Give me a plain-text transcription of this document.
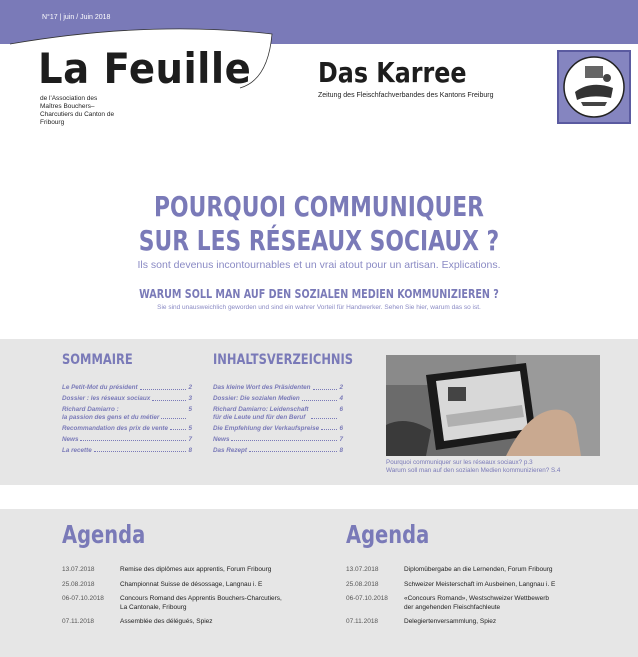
N°17 | juin / Juin 2018
La Feuille
de l'Association des Maîtres Bouchers–Charcutiers du Canton de Fribourg
Das Karree
Zeitung des Fleischfachverbandes des Kantons Freiburg
POURQUOI COMMUNIQUER
SUR LES RÉSEAUX SOCIAUX ?
Ils sont devenus incontournables et un vrai atout pour un artisan. Explications.
WARUM SOLL MAN AUF DEN SOZIALEN MEDIEN KOMMUNIZIEREN ?
Sie sind unausweichlich geworden und sind ein wahrer Vorteil für Handwerker. Sehen Sie hier, warum das so ist.
SOMMAIRE
Le Petit-Mot du président	2
Dossier : les réseaux sociaux	3
Richard Damiarro :
la passion des gens et du métier
5
Recommandation des prix de vente	5
News	7
La recette	8
INHALTSVERZEICHNIS
Das kleine Wort des Präsidenten	2
Dossier: Die sozialen Medien	4
Richard Damiarro: Leidenschaft
für die Leute und für den Beruf
6
Die Empfehlung der Verkaufspreise	6
News	7
Das Rezept	8
Pourquoi communiquer sur les réseaux sociaux? p.3
Warum soll man auf den sozialen Medien kommunizieren? S.4
Agenda
13.07.2018	Remise des diplômes aux apprentis, Forum Fribourg
25.08.2018	Championnat Suisse de désossage, Langnau i. E
06-07.10.2018	Concours Romand des Apprentis Bouchers-Charcutiers,
La Cantonale, Fribourg
07.11.2018	Assemblée des délégués, Spiez
Agenda
13.07.2018	Diplomübergabe an die Lernenden, Forum Fribourg
25.08.2018	Schweizer Meisterschaft im Ausbeinen, Langnau i. E
06-07.10.2018	«Concours Romand», Westschweizer Wettbewerb
der angehenden Fleischfachleute
07.11.2018	Delegiertenversammlung, Spiez
